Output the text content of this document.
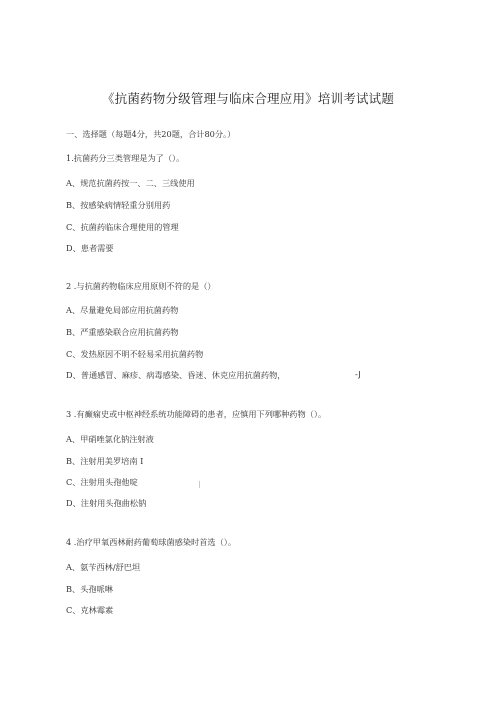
《抗菌药物分级管理与临床合理应用》培训考试试题
一、选择题（每题4分，共20题，合计80分。）
1.抗菌药分三类管理是为了（）。
A、规范抗菌药按一、二、三线使用
B、按感染病情轻重分别用药
C、抗菌药临床合理使用的管理
D、患者需要
2 .与抗菌药物临床应用原则不符的是（）
A、尽量避免局部应用抗菌药物
B、严重感染联合应用抗菌药物
C、发热原因不明不轻易采用抗菌药物
D、普通感冒、麻疹、病毒感染、昏迷、休克应用抗菌药物，	-J
3 .有癫痫史或中枢神经系统功能障碍的患者，应慎用下列哪种药物（）。
A、甲硝唑氯化钠注射液
B、注射用美罗培南 I
C、注射用头孢他啶
D、注射用头孢曲松钠
4 .治疗甲氧西林耐药葡萄球菌感染时首选（）。
A、氨苄西林/舒巴坦
B、头孢哌啉
C、克林霉素
